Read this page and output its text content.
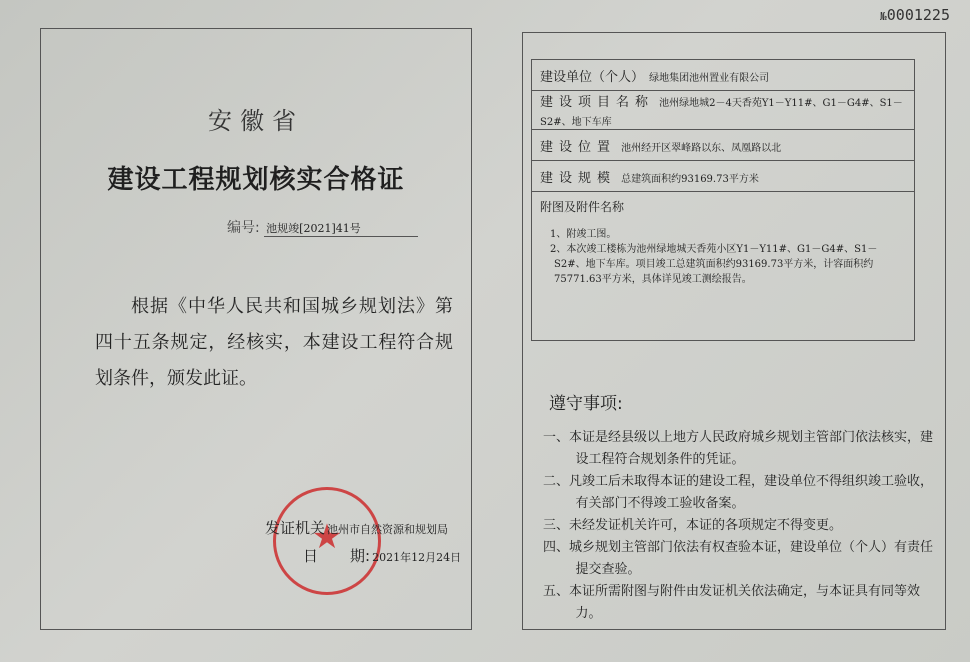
№0001225
安徽省
建设工程规划核实合格证
编号: 池规竣[2021]41号

根据《中华人民共和国城乡规划法》第四十五条规定，经核实，本建设工程符合规划条件，颁发此证。

★
发证机关 池州市自然资源和规划局
日 期: 2021年12月24日
建设单位（个人） 绿地集团池州置业有限公司
建设项目名称 池州绿地城2－4天香苑Y1－Y11#、G1－G4#、S1－S2#、地下车库
建设位置 池州经开区翠峰路以东、凤凰路以北
建设规模 总建筑面积约93169.73平方米

附图及附件名称
1、附竣工图。
2、本次竣工楼栋为池州绿地城天香苑小区Y1－Y11#、G1－G4#、S1－S2#、地下车库。项目竣工总建筑面积约93169.73平方米，计容面积约75771.63平方米，具体详见竣工测绘报告。
遵守事项:
一、本证是经县级以上地方人民政府城乡规划主管部门依法核实，建设工程符合规划条件的凭证。
二、凡竣工后未取得本证的建设工程，建设单位不得组织竣工验收，有关部门不得竣工验收备案。
三、未经发证机关许可，本证的各项规定不得变更。
四、城乡规划主管部门依法有权查验本证，建设单位（个人）有责任提交查验。
五、本证所需附图与附件由发证机关依法确定，与本证具有同等效力。
